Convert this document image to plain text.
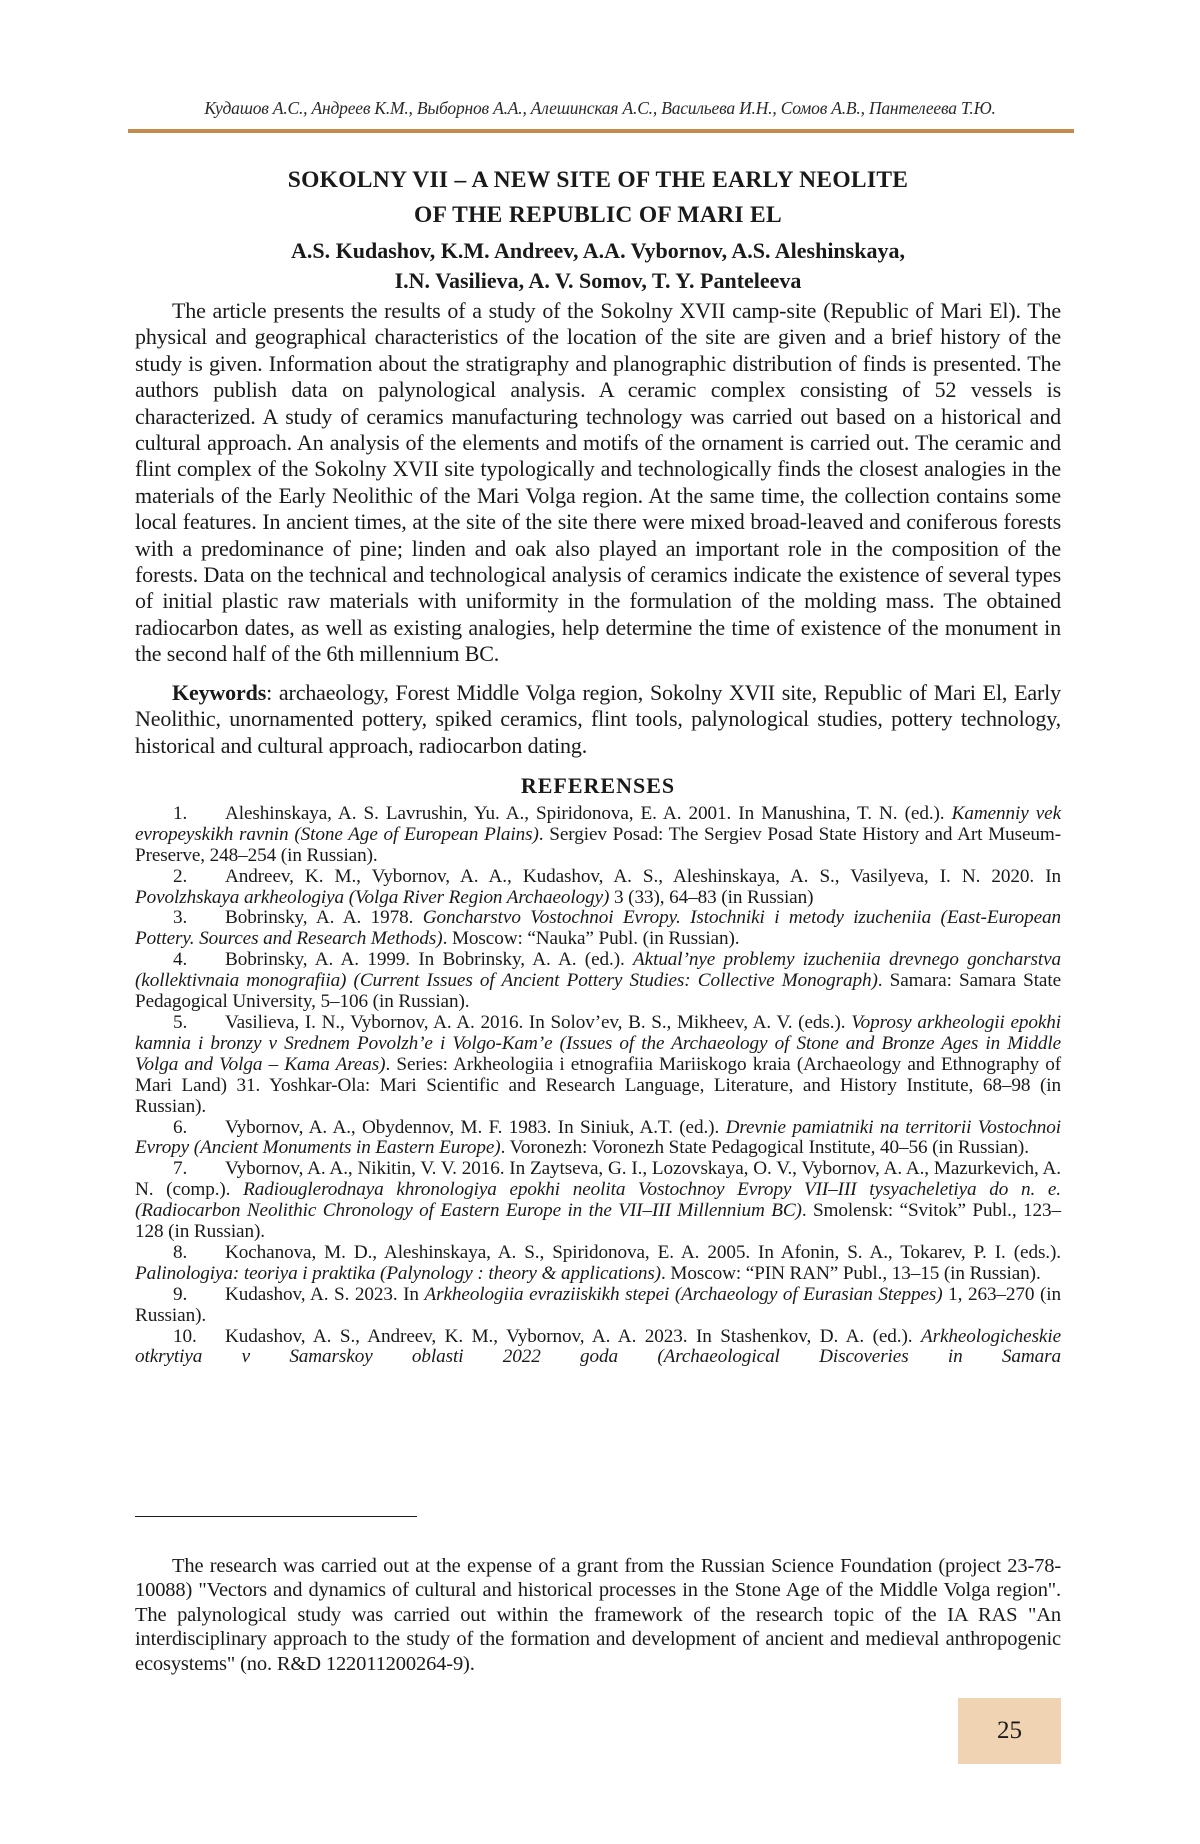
Кудашов А.С., Андреев К.М., Выборнов А.А., Алешинская А.С., Васильева И.Н., Сомов А.В., Пантелеева Т.Ю.
SOKOLNY VII – A NEW SITE OF THE EARLY NEOLITE
OF THE REPUBLIC OF MARI EL
A.S. Kudashov, K.M. Andreev, A.A. Vybornov, A.S. Aleshinskaya,
I.N. Vasilieva, A. V. Somov, T. Y. Panteleeva

The article presents the results of a study of the Sokolny XVII camp-site (Republic of Mari El). The physical and geographical characteristics of the location of the site are given and a brief history of the study is given. Information about the stratigraphy and planographic distribution of finds is presented. The authors publish data on palynological analysis. A ceramic complex consisting of 52 vessels is characterized. A study of ceramics manufacturing technology was carried out based on a historical and cultural approach. An analysis of the elements and motifs of the ornament is carried out. The ceramic and flint complex of the Sokolny XVII site typologically and technologically finds the closest analogies in the materials of the Early Neolithic of the Mari Volga region. At the same time, the collection contains some local features. In ancient times, at the site of the site there were mixed broad-leaved and coniferous forests with a predominance of pine; linden and oak also played an important role in the composition of the forests. Data on the technical and technological analysis of ceramics indicate the existence of several types of initial plastic raw materials with uniformity in the formulation of the molding mass. The obtained radiocarbon dates, as well as existing analogies, help determine the time of existence of the monument in the second half of the 6th millennium BC.

Keywords: archaeology, Forest Middle Volga region, Sokolny XVII site, Republic of Mari El, Early Neolithic, unornamented pottery, spiked ceramics, flint tools, palynological studies, pottery technology, historical and cultural approach, radiocarbon dating.

REFERENSES

1. Aleshinskaya, A. S. Lavrushin, Yu. A., Spiridonova, E. A. 2001. In Manushina, T. N. (ed.). Kamenniy vek evropeyskikh ravnin (Stone Age of European Plains). Sergiev Posad: The Sergiev Posad State History and Art Museum-Preserve, 248–254 (in Russian).

2. Andreev, K. M., Vybornov, A. A., Kudashov, A. S., Aleshinskaya, A. S., Vasilyeva, I. N. 2020. In Povolzhskaya arkheologiya (Volga River Region Archaeology) 3 (33), 64–83 (in Russian)

3. Bobrinsky, A. A. 1978. Goncharstvo Vostochnoi Evropy. Istochniki i metody izucheniia (East-European Pottery. Sources and Research Methods). Moscow: “Nauka” Publ. (in Russian).

4. Bobrinsky, A. A. 1999. In Bobrinsky, A. A. (ed.). Aktual’nye problemy izucheniia drevnego goncharstva (kollektivnaia monografiia) (Current Issues of Ancient Pottery Studies: Collective Monograph). Samara: Samara State Pedagogical University, 5–106 (in Russian).

5. Vasilieva, I. N., Vybornov, A. A. 2016. In Solov’ev, B. S., Mikheev, A. V. (eds.). Voprosy arkheologii epokhi kamnia i bronzy v Srednem Povolzh’e i Volgo-Kam’e (Issues of the Archaeology of Stone and Bronze Ages in Middle Volga and Volga – Kama Areas). Series: Arkheologiia i etnografiia Mariiskogo kraia (Archaeology and Ethnography of Mari Land) 31. Yoshkar-Ola: Mari Scientific and Research Language, Literature, and History Institute, 68–98 (in Russian).

6. Vybornov, A. A., Obydennov, M. F. 1983. In Siniuk, A.T. (ed.). Drevnie pamiatniki na territorii Vostochnoi Evropy (Ancient Monuments in Eastern Europe). Voronezh: Voronezh State Pedagogical Institute, 40–56 (in Russian).

7. Vybornov, A. A., Nikitin, V. V. 2016. In Zaytseva, G. I., Lozovskaya, O. V., Vybornov, A. A., Mazurkevich, A. N. (comp.). Radiouglerodnaya khronologiya epokhi neolita Vostochnoy Evropy VII–III tysyacheletiya do n. e. (Radiocarbon Neolithic Chronology of Eastern Europe in the VII–III Millennium BC). Smolensk: “Svitok” Publ., 123–128 (in Russian).

8. Kochanova, M. D., Aleshinskaya, A. S., Spiridonova, E. A. 2005. In Afonin, S. A., Tokarev, P. I. (eds.). Palinologiya: teoriya i praktika (Palynology : theory & applications). Moscow: “PIN RAN” Publ., 13–15 (in Russian).

9. Kudashov, A. S. 2023. In Arkheologiia evraziiskikh stepei (Archaeology of Eurasian Steppes) 1, 263–270 (in Russian).

10. Kudashov, A. S., Andreev, K. M., Vybornov, A. A. 2023. In Stashenkov, D. A. (ed.). Arkheologicheskie otkrytiya v Samarskoy oblasti 2022 goda (Archaeological Discoveries in Samara

The research was carried out at the expense of a grant from the Russian Science Foundation (project 23-78-10088) "Vectors and dynamics of cultural and historical processes in the Stone Age of the Middle Volga region". The palynological study was carried out within the framework of the research topic of the IA RAS "An interdisciplinary approach to the study of the formation and development of ancient and medieval anthropogenic ecosystems" (no. R&D 122011200264-9).

25
